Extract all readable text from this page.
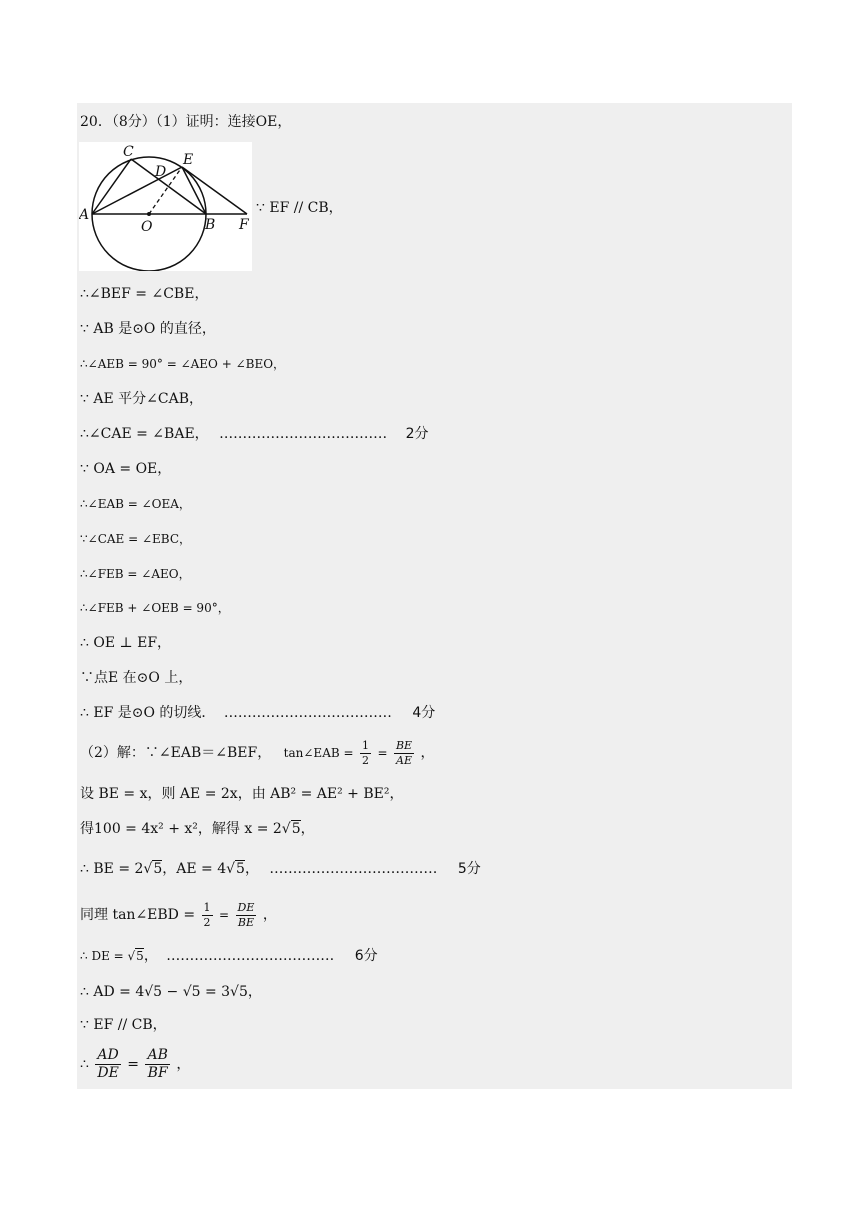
20．（8分）（1）证明：连接OE，
C
D
E
A
O	B F
∵ EF // CB，
∴∠BEF = ∠CBE，
∵ AB 是⊙O 的直径，
∴∠AEB = 90° = ∠AEO + ∠BEO，
∵ AE 平分∠CAB，
∴∠CAE = ∠BAE， ……………………………… 2分
∵ OA = OE，
∴∠EAB = ∠OEA，
∵∠CAE = ∠EBC，
∴∠FEB = ∠AEO，
∴∠FEB + ∠OEB = 90°，
∴ OE ⊥ EF，
∵点E 在⊙O 上，
∴ EF 是⊙O 的切线． ……………………………… 4分
（2）解：∵∠EAB＝∠BEF， tan∠EAB = $\frac{1}{2} = \frac{BE}{AE}$ ，
设 BE = x，则 AE = 2x，由 AB² = AE² + BE²，
得100 = 4x² + x²，解得 x = 2√5，
∴ BE = 2√5，AE = 4√5， ……………………………… 5分
同理 tan∠EBD = $\frac{1}{2} = \frac{DE}{BE}$ ，
∴ DE = √5， ……………………………… 6分
∴ AD = 4√5 − √5 = 3√5，
∵ EF // CB，
∴ $\frac{AD}{DE} = \frac{AB}{BF}$ ，
